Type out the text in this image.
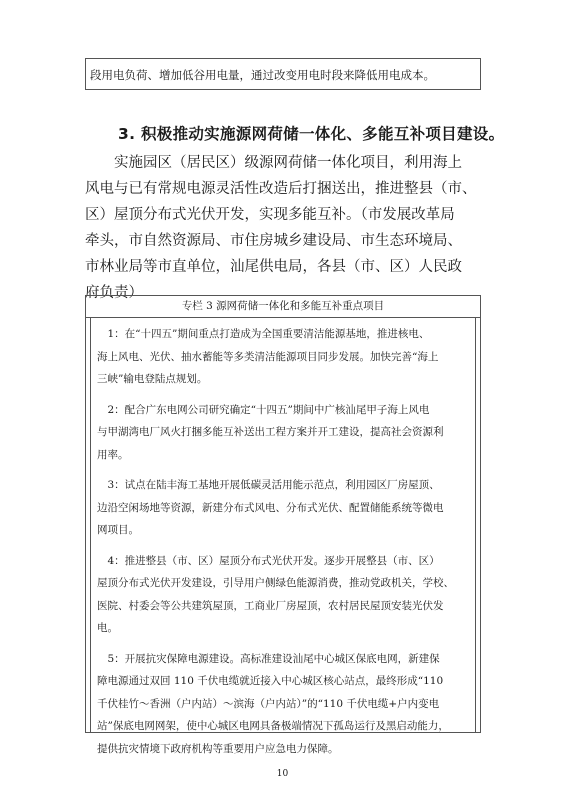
段用电负荷、增加低谷用电量，通过改变用电时段来降低用电成本。
3. 积极推动实施源网荷储一体化、多能互补项目建设。
　　实施园区（居民区）级源网荷储一体化项目，利用海上
风电与已有常规电源灵活性改造后打捆送出，推进整县（市、
区）屋顶分布式光伏开发，实现多能互补。（市发展改革局
牵头，市自然资源局、市住房城乡建设局、市生态环境局、
市林业局等市直单位，汕尾供电局，各县（市、区）人民政
府负责）
专栏 3 源网荷储一体化和多能互补重点项目
　1：在“十四五”期间重点打造成为全国重要清洁能源基地，推进核电、
海上风电、光伏、抽水蓄能等多类清洁能源项目同步发展。加快完善“海上
三峡”输电登陆点规划。
　2：配合广东电网公司研究确定“十四五”期间中广核汕尾甲子海上风电
与甲湖湾电厂风火打捆多能互补送出工程方案并开工建设，提高社会资源利
用率。
　3：试点在陆丰海工基地开展低碳灵活用能示范点，利用园区厂房屋顶、
边沿空闲场地等资源，新建分布式风电、分布式光伏、配置储能系统等微电
网项目。
　4：推进整县（市、区）屋顶分布式光伏开发。逐步开展整县（市、区）
屋顶分布式光伏开发建设，引导用户侧绿色能源消费，推动党政机关，学校、
医院、村委会等公共建筑屋顶，工商业厂房屋顶，农村居民屋顶安装光伏发
电。
　5：开展抗灾保障电源建设。高标准建设汕尾中心城区保底电网，新建保
障电源通过双回 110 千伏电缆就近接入中心城区核心站点，最终形成“110
千伏桂竹～香洲（户内站）～滨海（户内站）”的“110 千伏电缆+户内变电
站”保底电网网架，使中心城区电网具备极端情况下孤岛运行及黑启动能力，
提供抗灾情境下政府机构等重要用户应急电力保障。
10
